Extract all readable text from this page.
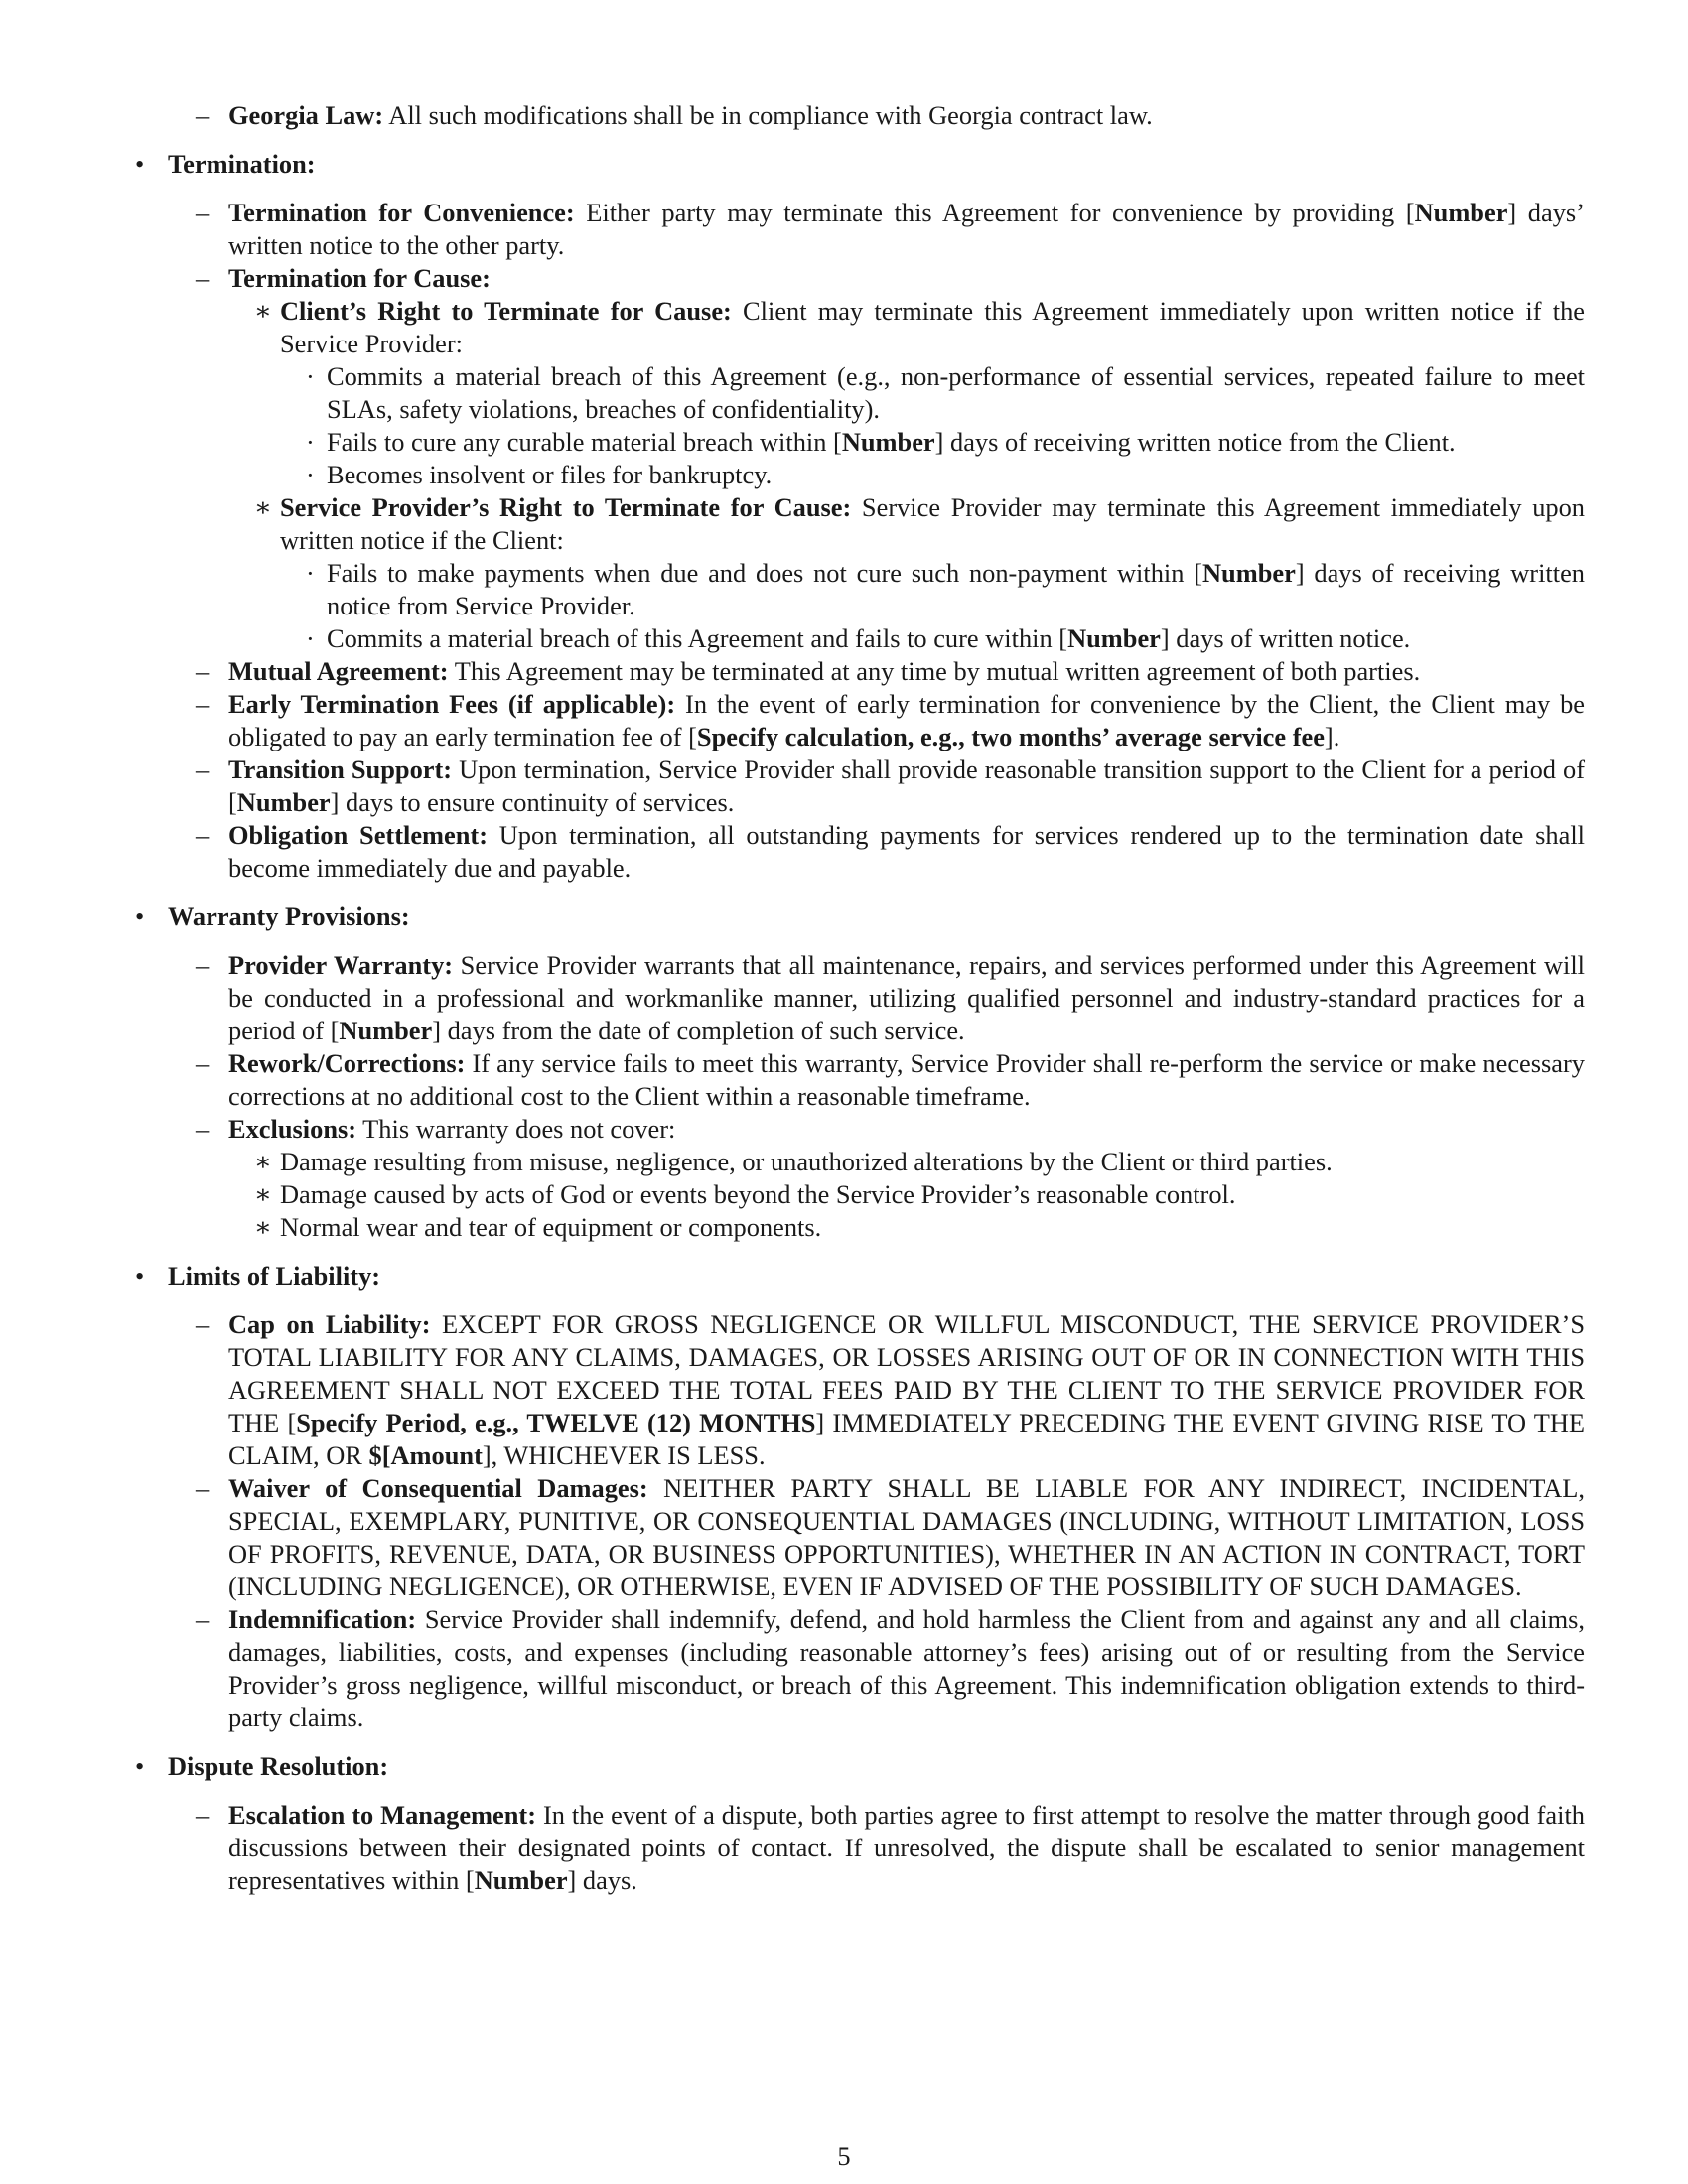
– Georgia Law: All such modifications shall be in compliance with Georgia contract law.
• Termination:
– Termination for Convenience: Either party may terminate this Agreement for convenience by providing [Number] days’ written notice to the other party.
– Termination for Cause:
∗ Client’s Right to Terminate for Cause: Client may terminate this Agreement immediately upon written notice if the Service Provider:
· Commits a material breach of this Agreement (e.g., non-performance of essential services, repeated failure to meet SLAs, safety violations, breaches of confidentiality).
· Fails to cure any curable material breach within [Number] days of receiving written notice from the Client.
· Becomes insolvent or files for bankruptcy.
∗ Service Provider’s Right to Terminate for Cause: Service Provider may terminate this Agreement immediately upon written notice if the Client:
· Fails to make payments when due and does not cure such non-payment within [Number] days of receiving written notice from Service Provider.
· Commits a material breach of this Agreement and fails to cure within [Number] days of written notice.
– Mutual Agreement: This Agreement may be terminated at any time by mutual written agreement of both parties.
– Early Termination Fees (if applicable): In the event of early termination for convenience by the Client, the Client may be obligated to pay an early termination fee of [Specify calculation, e.g., two months’ average service fee].
– Transition Support: Upon termination, Service Provider shall provide reasonable transition support to the Client for a period of [Number] days to ensure continuity of services.
– Obligation Settlement: Upon termination, all outstanding payments for services rendered up to the termination date shall become immediately due and payable.
• Warranty Provisions:
– Provider Warranty: Service Provider warrants that all maintenance, repairs, and services performed under this Agreement will be conducted in a professional and workmanlike manner, utilizing qualified personnel and industry-standard practices for a period of [Number] days from the date of completion of such service.
– Rework/Corrections: If any service fails to meet this warranty, Service Provider shall re-perform the service or make necessary corrections at no additional cost to the Client within a reasonable timeframe.
– Exclusions: This warranty does not cover:
∗ Damage resulting from misuse, negligence, or unauthorized alterations by the Client or third parties.
∗ Damage caused by acts of God or events beyond the Service Provider’s reasonable control.
∗ Normal wear and tear of equipment or components.
• Limits of Liability:
– Cap on Liability: EXCEPT FOR GROSS NEGLIGENCE OR WILLFUL MISCONDUCT, THE SERVICE PROVIDER’S TOTAL LIABILITY FOR ANY CLAIMS, DAMAGES, OR LOSSES ARISING OUT OF OR IN CONNECTION WITH THIS AGREEMENT SHALL NOT EXCEED THE TOTAL FEES PAID BY THE CLIENT TO THE SERVICE PROVIDER FOR THE [Specify Period, e.g., TWELVE (12) MONTHS] IMMEDIATELY PRECEDING THE EVENT GIVING RISE TO THE CLAIM, OR $[Amount], WHICHEVER IS LESS.
– Waiver of Consequential Damages: NEITHER PARTY SHALL BE LIABLE FOR ANY INDIRECT, INCIDENTAL, SPECIAL, EXEMPLARY, PUNITIVE, OR CONSEQUENTIAL DAMAGES (INCLUDING, WITHOUT LIMITATION, LOSS OF PROFITS, REVENUE, DATA, OR BUSINESS OPPORTUNITIES), WHETHER IN AN ACTION IN CONTRACT, TORT (INCLUDING NEGLIGENCE), OR OTHERWISE, EVEN IF ADVISED OF THE POSSIBILITY OF SUCH DAMAGES.
– Indemnification: Service Provider shall indemnify, defend, and hold harmless the Client from and against any and all claims, damages, liabilities, costs, and expenses (including reasonable attorney’s fees) arising out of or resulting from the Service Provider’s gross negligence, willful misconduct, or breach of this Agreement. This indemnification obligation extends to third-party claims.
• Dispute Resolution:
– Escalation to Management: In the event of a dispute, both parties agree to first attempt to resolve the matter through good faith discussions between their designated points of contact. If unresolved, the dispute shall be escalated to senior management representatives within [Number] days.
5
